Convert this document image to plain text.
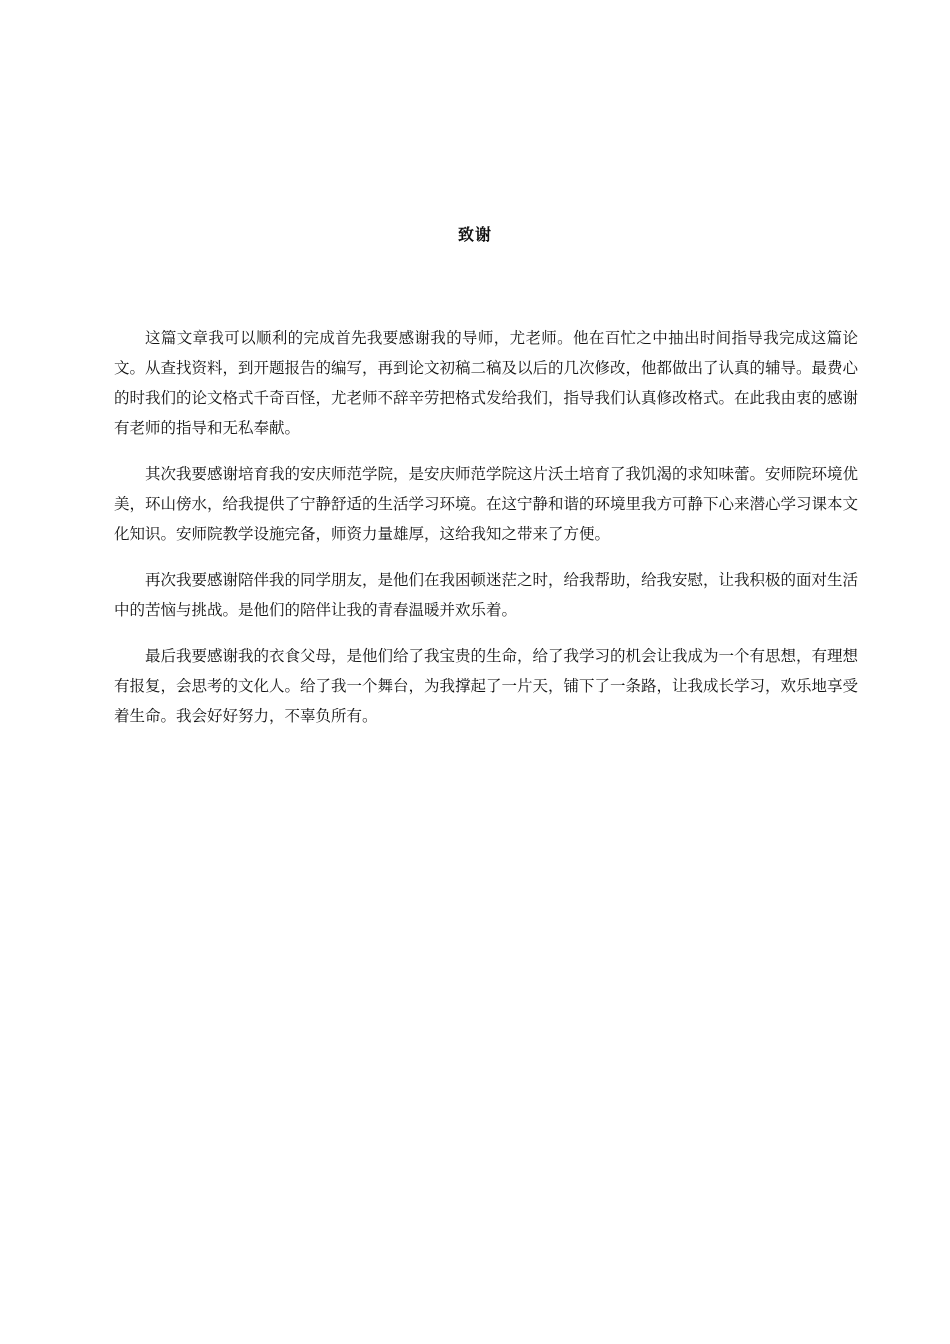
致谢

这篇文章我可以顺利的完成首先我要感谢我的导师，尤老师。他在百忙之中抽出时间指导我完成这篇论文。从查找资料，到开题报告的编写，再到论文初稿二稿及以后的几次修改，他都做出了认真的辅导。最费心的时我们的论文格式千奇百怪，尤老师不辞辛劳把格式发给我们，指导我们认真修改格式。在此我由衷的感谢有老师的指导和无私奉献。

其次我要感谢培育我的安庆师范学院，是安庆师范学院这片沃土培育了我饥渴的求知味蕾。安师院环境优美，环山傍水，给我提供了宁静舒适的生活学习环境。在这宁静和谐的环境里我方可静下心来潜心学习课本文化知识。安师院教学设施完备，师资力量雄厚，这给我知之带来了方便。

再次我要感谢陪伴我的同学朋友，是他们在我困顿迷茫之时，给我帮助，给我安慰，让我积极的面对生活中的苦恼与挑战。是他们的陪伴让我的青春温暖并欢乐着。

最后我要感谢我的衣食父母，是他们给了我宝贵的生命，给了我学习的机会让我成为一个有思想，有理想有报复，会思考的文化人。给了我一个舞台，为我撑起了一片天，铺下了一条路，让我成长学习，欢乐地享受着生命。我会好好努力，不辜负所有。
